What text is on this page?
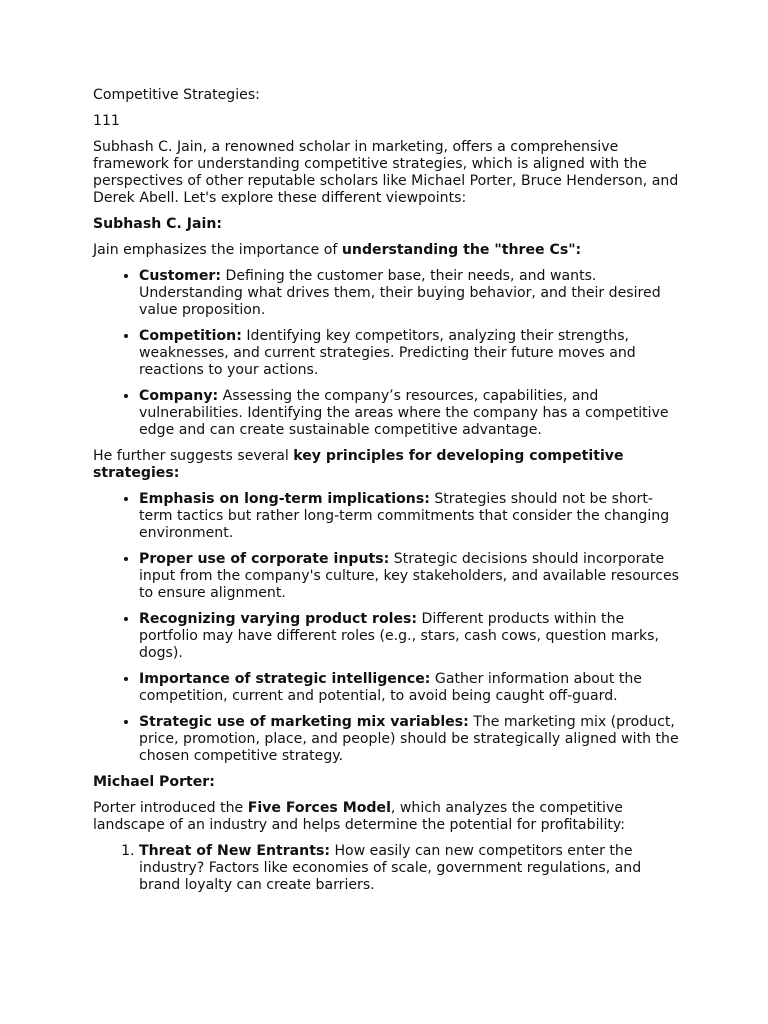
Competitive Strategies:

111

Subhash C. Jain, a renowned scholar in marketing, offers a comprehensive framework for understanding competitive strategies, which is aligned with the perspectives of other reputable scholars like Michael Porter, Bruce Henderson, and Derek Abell. Let's explore these different viewpoints:

Subhash C. Jain:

Jain emphasizes the importance of understanding the "three Cs":

• Customer: Defining the customer base, their needs, and wants. Understanding what drives them, their buying behavior, and their desired value proposition.
• Competition: Identifying key competitors, analyzing their strengths, weaknesses, and current strategies. Predicting their future moves and reactions to your actions.
• Company: Assessing the company’s resources, capabilities, and vulnerabilities. Identifying the areas where the company has a competitive edge and can create sustainable competitive advantage.

He further suggests several key principles for developing competitive strategies:

• Emphasis on long-term implications: Strategies should not be short-term tactics but rather long-term commitments that consider the changing environment.
• Proper use of corporate inputs: Strategic decisions should incorporate input from the company's culture, key stakeholders, and available resources to ensure alignment.
• Recognizing varying product roles: Different products within the portfolio may have different roles (e.g., stars, cash cows, question marks, dogs).
• Importance of strategic intelligence: Gather information about the competition, current and potential, to avoid being caught off-guard.
• Strategic use of marketing mix variables: The marketing mix (product, price, promotion, place, and people) should be strategically aligned with the chosen competitive strategy.

Michael Porter:

Porter introduced the Five Forces Model, which analyzes the competitive landscape of an industry and helps determine the potential for profitability:

1. Threat of New Entrants: How easily can new competitors enter the industry? Factors like economies of scale, government regulations, and brand loyalty can create barriers.
